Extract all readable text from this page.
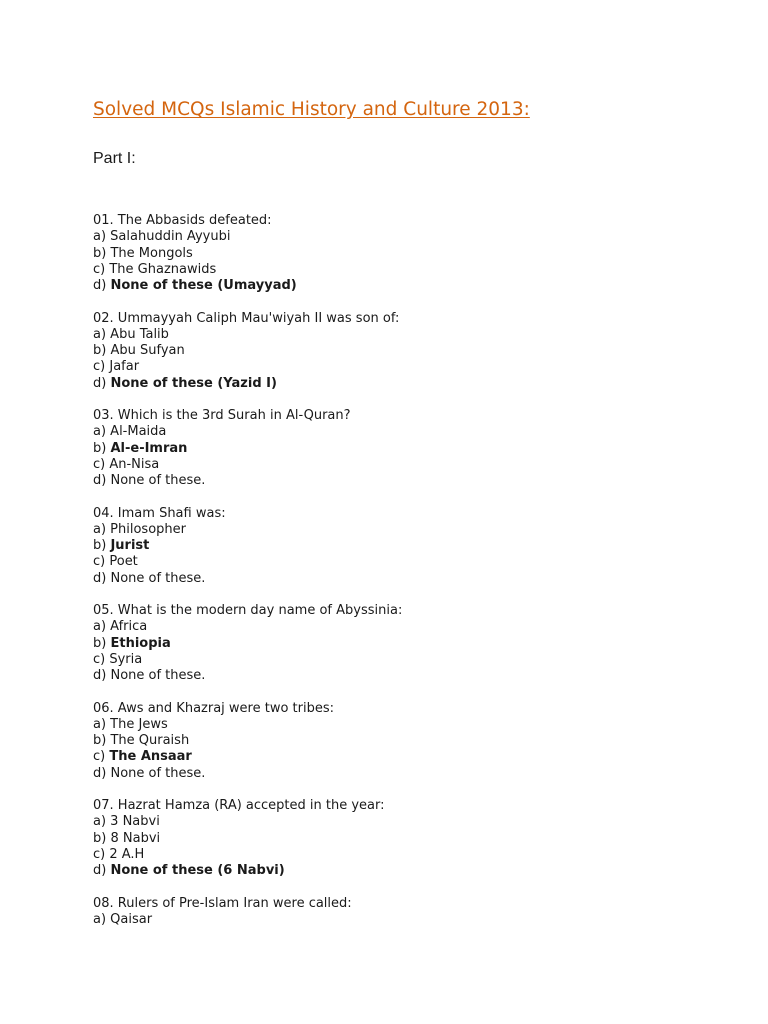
Solved MCQs Islamic History and Culture 2013:
Part I:
01. The Abbasids defeated:
a) Salahuddin Ayyubi
b) The Mongols
c) The Ghaznawids
d) None of these (Umayyad)
02. Ummayyah Caliph Mau'wiyah II was son of:
a) Abu Talib
b) Abu Sufyan
c) Jafar
d) None of these (Yazid I)
03. Which is the 3rd Surah in Al-Quran?
a) Al-Maida
b) Al-e-Imran
c) An-Nisa
d) None of these.
04. Imam Shafi was:
a) Philosopher
b) Jurist
c) Poet
d) None of these.
05. What is the modern day name of Abyssinia:
a) Africa
b) Ethiopia
c) Syria
d) None of these.
06. Aws and Khazraj were two tribes:
a) The Jews
b) The Quraish
c) The Ansaar
d) None of these.
07. Hazrat Hamza (RA) accepted in the year:
a) 3 Nabvi
b) 8 Nabvi
c) 2 A.H
d) None of these (6 Nabvi)
08. Rulers of Pre-Islam Iran were called:
a) Qaisar
